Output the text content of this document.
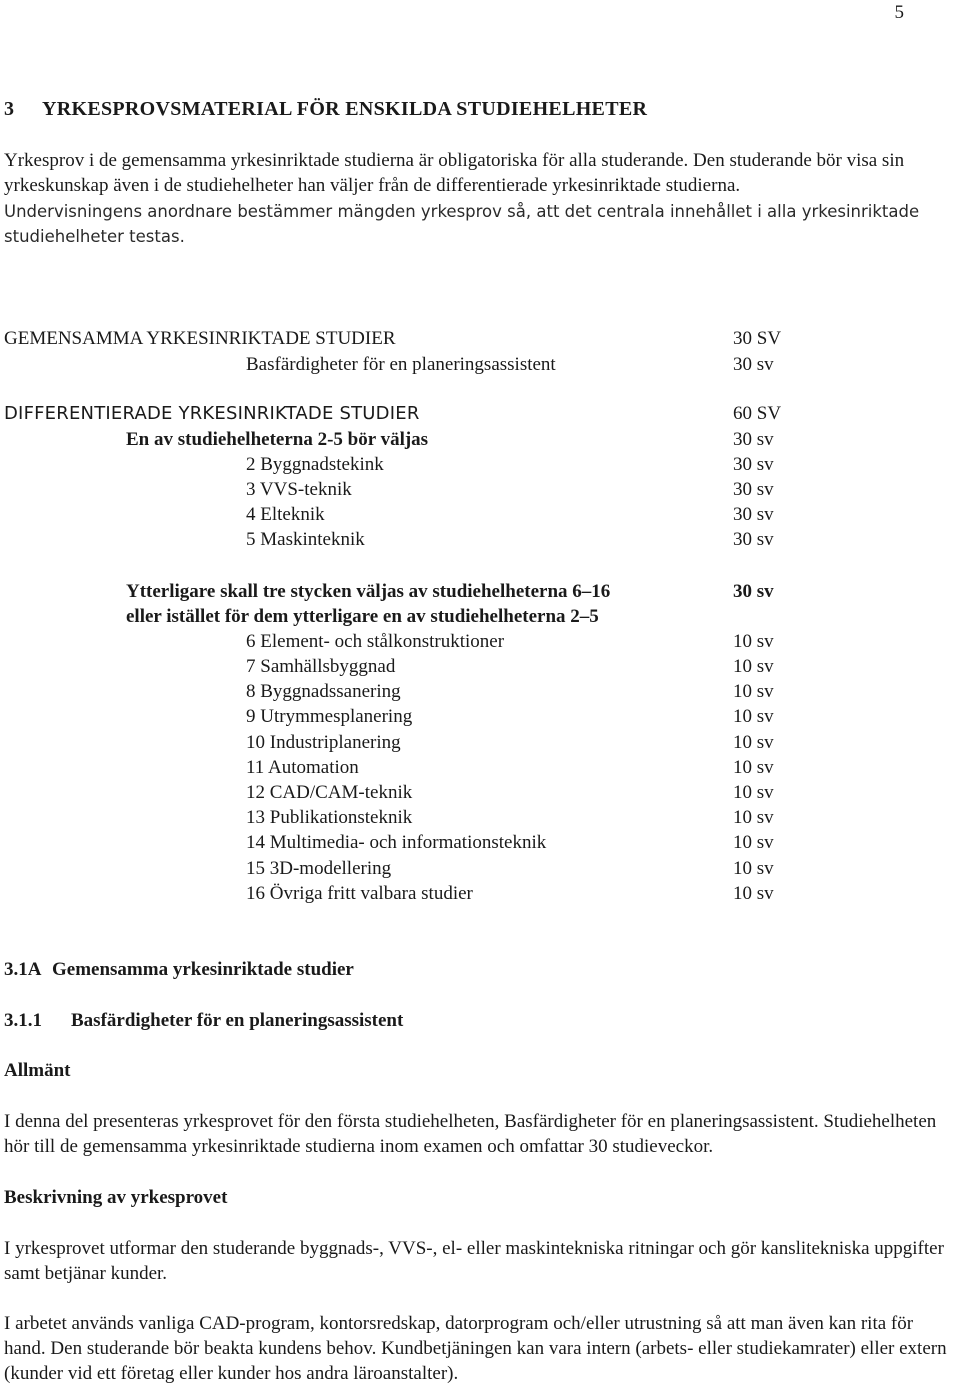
5
3 YRKESPROVSMATERIAL FÖR ENSKILDA STUDIEHELHETER
Yrkesprov i de gemensamma yrkesinriktade studierna är obligatoriska för alla studerande. Den studerande bör visa sin yrkeskunskap även i de studiehelheter han väljer från de differentierade yrkesinriktade studierna.
Undervisningens anordnare bestämmer mängden yrkesprov så, att det centrala innehållet i alla yrkesinriktade studiehelheter testas.
GEMENSAMMA YRKESINRIKTADE STUDIER	30 SV
Basfärdigheter för en planeringsassistent	30 sv
DIFFERENTIERADE YRKESINRIKTADE STUDIER	60 SV
En av studiehelheterna 2-5 bör väljas	30 sv
2 Byggnadstekink	30 sv
3 VVS-teknik	30 sv
4 Elteknik	30 sv
5 Maskinteknik	30 sv
Ytterligare skall tre stycken väljas av studiehelheterna 6–16	30 sv
eller istället för dem ytterligare en av studiehelheterna 2–5
6 Element- och stålkonstruktioner	10 sv
7 Samhällsbyggnad	10 sv
8 Byggnadssanering	10 sv
9 Utrymmesplanering	10 sv
10 Industriplanering	10 sv
11 Automation	10 sv
12 CAD/CAM-teknik	10 sv
13 Publikationsteknik	10 sv
14 Multimedia- och informationsteknik	10 sv
15 3D-modellering	10 sv
16 Övriga fritt valbara studier	10 sv
3.1A Gemensamma yrkesinriktade studier
3.1.1 Basfärdigheter för en planeringsassistent
Allmänt
I denna del presenteras yrkesprovet för den första studiehelheten, Basfärdigheter för en planeringsassistent. Studiehelheten hör till de gemensamma yrkesinriktade studierna inom examen och omfattar 30 studieveckor.
Beskrivning av yrkesprovet
I yrkesprovet utformar den studerande byggnads-, VVS-, el- eller maskintekniska ritningar och gör kanslitekniska uppgifter samt betjänar kunder.
I arbetet används vanliga CAD-program, kontorsredskap, datorprogram och/eller utrustning så att man även kan rita för hand. Den studerande bör beakta kundens behov. Kundbetjäningen kan vara intern (arbets- eller studiekamrater) eller extern (kunder vid ett företag eller kunder hos andra läroanstalter).
